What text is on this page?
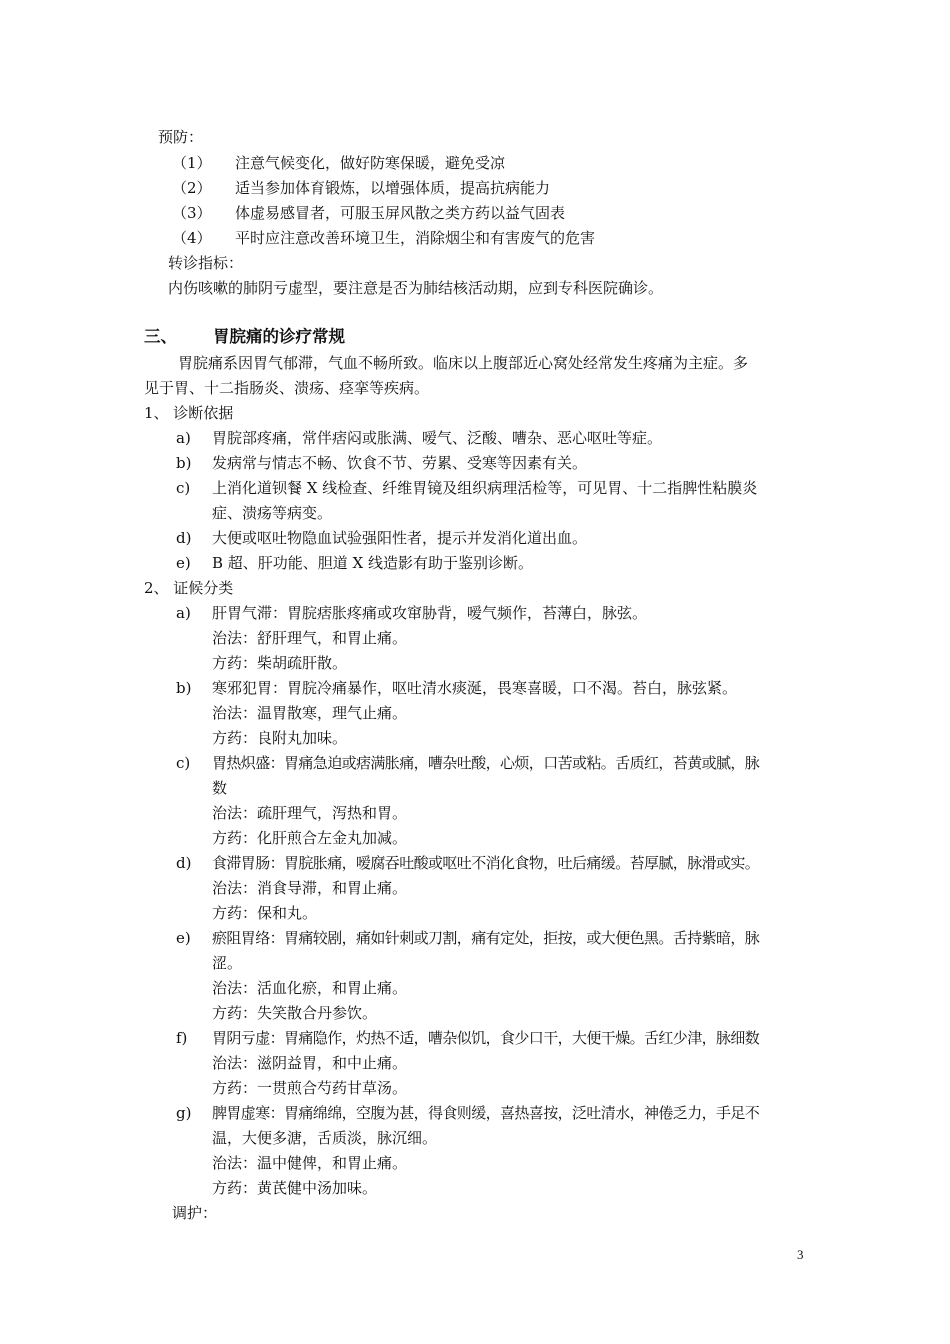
预防：
（1） 注意气候变化，做好防寒保暖，避免受凉
（2） 适当参加体育锻炼，以增强体质，提高抗病能力
（3） 体虚易感冒者，可服玉屏风散之类方药以益气固表
（4） 平时应注意改善环境卫生，消除烟尘和有害废气的危害
转诊指标：
内伤咳嗽的肺阴亏虚型，要注意是否为肺结核活动期，应到专科医院确诊。
三、 胃脘痛的诊疗常规
胃脘痛系因胃气郁滞，气血不畅所致。临床以上腹部近心窝处经常发生疼痛为主症。多
见于胃、十二指肠炎、溃疡、痉挛等疾病。
1、 诊断依据
a) 胃脘部疼痛，常伴痞闷或胀满、嗳气、泛酸、嘈杂、恶心呕吐等症。
b) 发病常与情志不畅、饮食不节、劳累、受寒等因素有关。
c) 上消化道钡餐 X 线检查、纤维胃镜及组织病理活检等，可见胃、十二指脾性粘膜炎
症、溃疡等病变。
d) 大便或呕吐物隐血试验强阳性者，提示并发消化道出血。
e) B 超、肝功能、胆道 X 线造影有助于鉴别诊断。
2、 证候分类
a) 肝胃气滞：胃脘痞胀疼痛或攻窜胁背，嗳气频作，苔薄白，脉弦。
治法：舒肝理气，和胃止痛。
方药：柴胡疏肝散。
b) 寒邪犯胃：胃脘冷痛暴作，呕吐清水痰涎，畏寒喜暖，口不渴。苔白，脉弦紧。
治法：温胃散寒，理气止痛。
方药：良附丸加味。
c) 胃热炽盛：胃痛急迫或痞满胀痛，嘈杂吐酸，心烦，口苦或粘。舌质红，苔黄或腻，脉
数
治法：疏肝理气，泻热和胃。
方药：化肝煎合左金丸加减。
d) 食滞胃肠：胃脘胀痛，嗳腐吞吐酸或呕吐不消化食物，吐后痛缓。苔厚腻，脉滑或实。
治法：消食导滞，和胃止痛。
方药：保和丸。
e) 瘀阻胃络：胃痛较剧，痛如针刺或刀割，痛有定处，拒按，或大便色黑。舌持紫暗，脉
涩。
治法：活血化瘀，和胃止痛。
方药：失笑散合丹参饮。
f) 胃阴亏虚：胃痛隐作，灼热不适，嘈杂似饥，食少口干，大便干燥。舌红少津，脉细数
治法：滋阴益胃，和中止痛。
方药：一贯煎合芍药甘草汤。
g) 脾胃虚寒：胃痛绵绵，空腹为甚，得食则缓，喜热喜按，泛吐清水，神倦乏力，手足不
温，大便多溏，舌质淡，脉沉细。
治法：温中健俾，和胃止痛。
方药：黄芪健中汤加味。
调护：
3
